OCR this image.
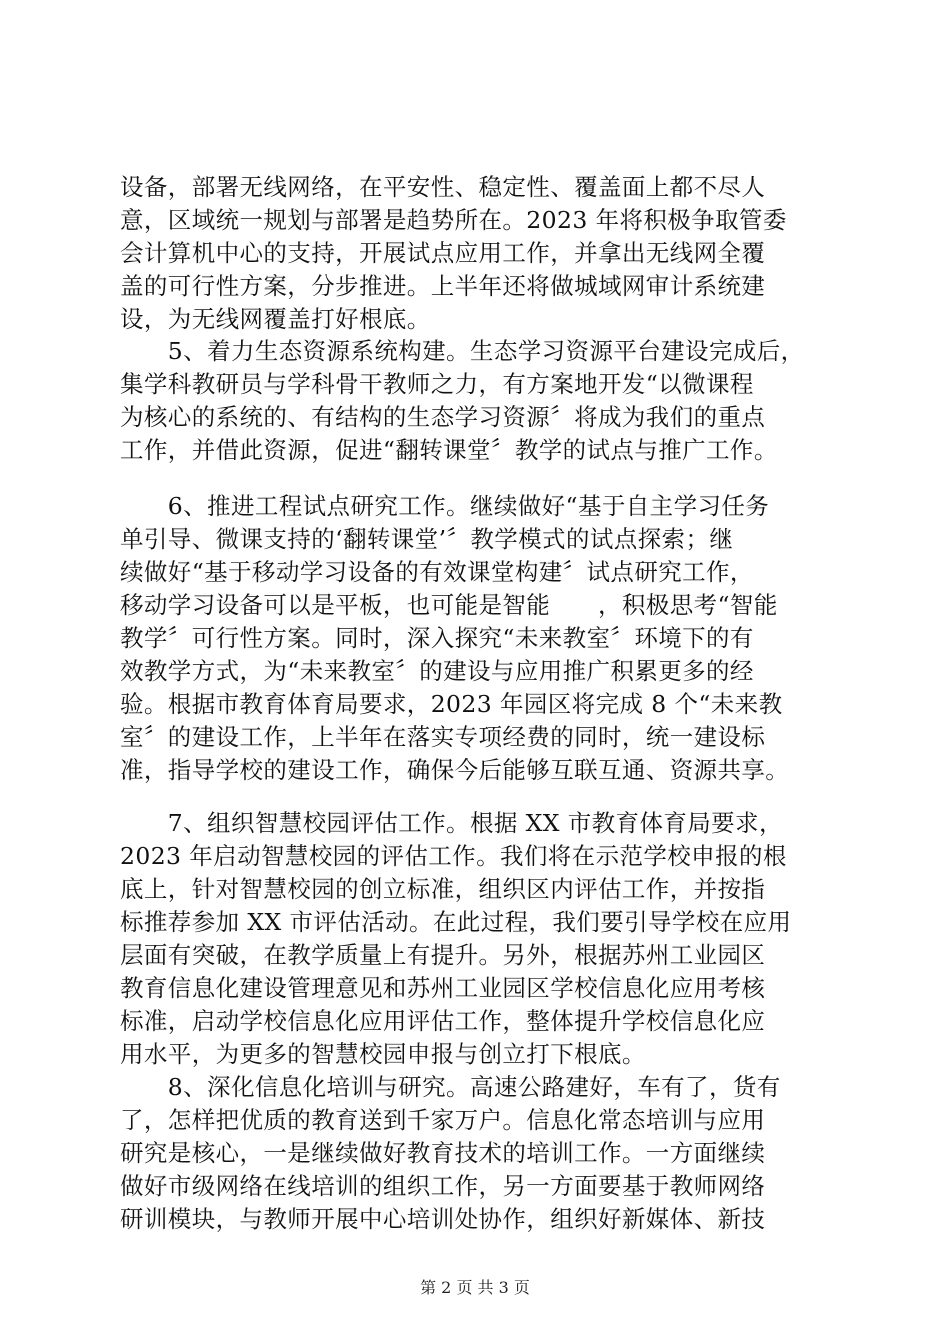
设备，部署无线网络，在平安性、稳定性、覆盖面上都不尽人
意，区域统一规划与部署是趋势所在。2023 年将积极争取管委
会计算机中心的支持，开展试点应用工作，并拿出无线网全覆
盖的可行性方案，分步推进。上半年还将做城域网审计系统建
设，为无线网覆盖打好根底。
　　5、着力生态资源系统构建。生态学习资源平台建设完成后，
集学科教研员与学科骨干教师之力，有方案地开发“以微课程
为核心的系统的、有结构的生态学习资源〞将成为我们的重点
工作，并借此资源，促进“翻转课堂〞教学的试点与推广工作。
　　6、推进工程试点研究工作。继续做好“基于自主学习任务
单引导、微课支持的‘翻转课堂’〞教学模式的试点探索；继
续做好“基于移动学习设备的有效课堂构建〞试点研究工作，
移动学习设备可以是平板，也可能是智能　　，积极思考“智能
教学〞可行性方案。同时，深入探究“未来教室〞环境下的有
效教学方式，为“未来教室〞的建设与应用推广积累更多的经
验。根据市教育体育局要求，2023 年园区将完成 8 个“未来教
室〞的建设工作，上半年在落实专项经费的同时，统一建设标
准，指导学校的建设工作，确保今后能够互联互通、资源共享。
　　7、组织智慧校园评估工作。根据 XX 市教育体育局要求，
2023 年启动智慧校园的评估工作。我们将在示范学校申报的根
底上，针对智慧校园的创立标准，组织区内评估工作，并按指
标推荐参加 XX 市评估活动。在此过程，我们要引导学校在应用
层面有突破，在教学质量上有提升。另外，根据苏州工业园区
教育信息化建设管理意见和苏州工业园区学校信息化应用考核
标准，启动学校信息化应用评估工作，整体提升学校信息化应
用水平，为更多的智慧校园申报与创立打下根底。
　　8、深化信息化培训与研究。高速公路建好，车有了，货有
了，怎样把优质的教育送到千家万户。信息化常态培训与应用
研究是核心，一是继续做好教育技术的培训工作。一方面继续
做好市级网络在线培训的组织工作，另一方面要基于教师网络
研训模块，与教师开展中心培训处协作，组织好新媒体、新技
第 2 页 共 3 页
